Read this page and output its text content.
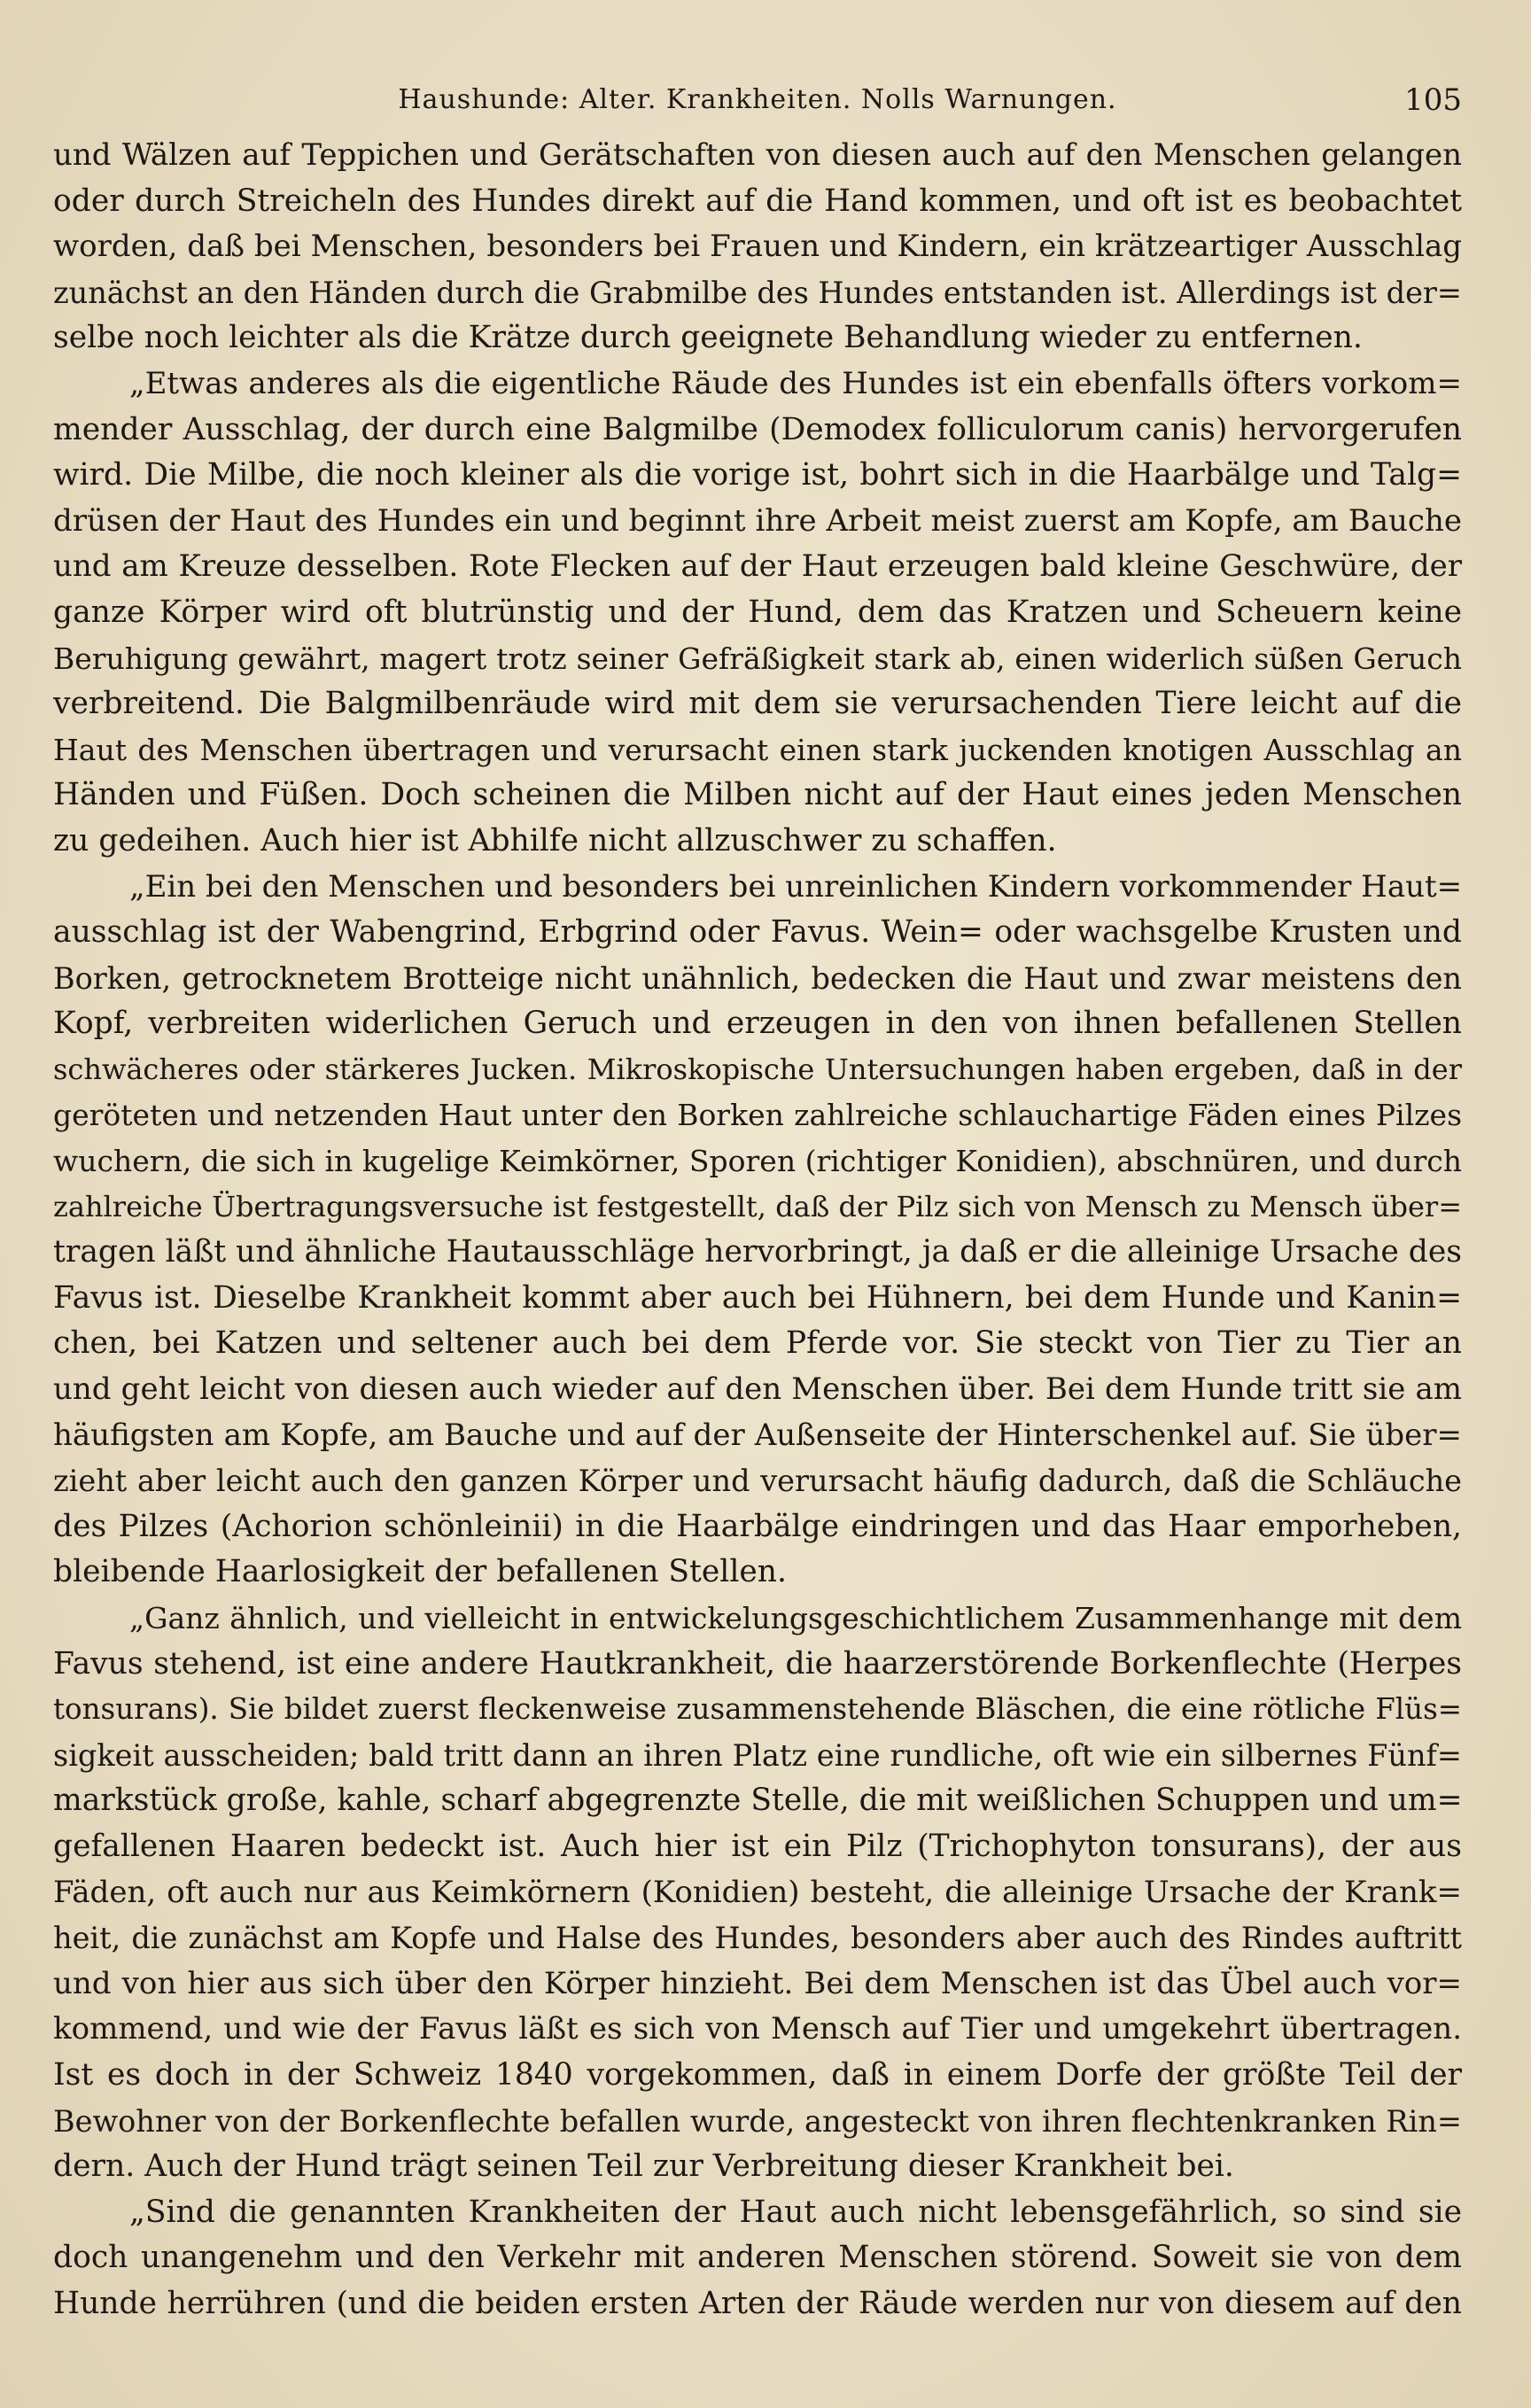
Haushunde: Alter. Krankheiten. Nolls Warnungen.	105
und Wälzen auf Teppichen und Gerätschaften von diesen auch auf den Menschen gelangen
oder durch Streicheln des Hundes direkt auf die Hand kommen, und oft ist es beobachtet
worden, daß bei Menschen, besonders bei Frauen und Kindern, ein krätzeartiger Ausschlag
zunächst an den Händen durch die Grabmilbe des Hundes entstanden ist. Allerdings ist der=
selbe noch leichter als die Krätze durch geeignete Behandlung wieder zu entfernen.
„Etwas anderes als die eigentliche Räude des Hundes ist ein ebenfalls öfters vorkom=
mender Ausschlag, der durch eine Balgmilbe (Demodex folliculorum canis) hervorgerufen
wird. Die Milbe, die noch kleiner als die vorige ist, bohrt sich in die Haarbälge und Talg=
drüsen der Haut des Hundes ein und beginnt ihre Arbeit meist zuerst am Kopfe, am Bauche
und am Kreuze desselben. Rote Flecken auf der Haut erzeugen bald kleine Geschwüre, der
ganze Körper wird oft blutrünstig und der Hund, dem das Kratzen und Scheuern keine
Beruhigung gewährt, magert trotz seiner Gefräßigkeit stark ab, einen widerlich süßen Geruch
verbreitend. Die Balgmilbenräude wird mit dem sie verursachenden Tiere leicht auf die
Haut des Menschen übertragen und verursacht einen stark juckenden knotigen Ausschlag an
Händen und Füßen. Doch scheinen die Milben nicht auf der Haut eines jeden Menschen
zu gedeihen. Auch hier ist Abhilfe nicht allzuschwer zu schaffen.
„Ein bei den Menschen und besonders bei unreinlichen Kindern vorkommender Haut=
ausschlag ist der Wabengrind, Erbgrind oder Favus. Wein= oder wachsgelbe Krusten und
Borken, getrocknetem Brotteige nicht unähnlich, bedecken die Haut und zwar meistens den
Kopf, verbreiten widerlichen Geruch und erzeugen in den von ihnen befallenen Stellen
schwächeres oder stärkeres Jucken. Mikroskopische Untersuchungen haben ergeben, daß in der
geröteten und netzenden Haut unter den Borken zahlreiche schlauchartige Fäden eines Pilzes
wuchern, die sich in kugelige Keimkörner, Sporen (richtiger Konidien), abschnüren, und durch
zahlreiche Übertragungsversuche ist festgestellt, daß der Pilz sich von Mensch zu Mensch über=
tragen läßt und ähnliche Hautausschläge hervorbringt, ja daß er die alleinige Ursache des
Favus ist. Dieselbe Krankheit kommt aber auch bei Hühnern, bei dem Hunde und Kanin=
chen, bei Katzen und seltener auch bei dem Pferde vor. Sie steckt von Tier zu Tier an
und geht leicht von diesen auch wieder auf den Menschen über. Bei dem Hunde tritt sie am
häufigsten am Kopfe, am Bauche und auf der Außenseite der Hinterschenkel auf. Sie über=
zieht aber leicht auch den ganzen Körper und verursacht häufig dadurch, daß die Schläuche
des Pilzes (Achorion schönleinii) in die Haarbälge eindringen und das Haar emporheben,
bleibende Haarlosigkeit der befallenen Stellen.
„Ganz ähnlich, und vielleicht in entwickelungsgeschichtlichem Zusammenhange mit dem
Favus stehend, ist eine andere Hautkrankheit, die haarzerstörende Borkenflechte (Herpes
tonsurans). Sie bildet zuerst fleckenweise zusammenstehende Bläschen, die eine rötliche Flüs=
sigkeit ausscheiden; bald tritt dann an ihren Platz eine rundliche, oft wie ein silbernes Fünf=
markstück große, kahle, scharf abgegrenzte Stelle, die mit weißlichen Schuppen und um=
gefallenen Haaren bedeckt ist. Auch hier ist ein Pilz (Trichophyton tonsurans), der aus
Fäden, oft auch nur aus Keimkörnern (Konidien) besteht, die alleinige Ursache der Krank=
heit, die zunächst am Kopfe und Halse des Hundes, besonders aber auch des Rindes auftritt
und von hier aus sich über den Körper hinzieht. Bei dem Menschen ist das Übel auch vor=
kommend, und wie der Favus läßt es sich von Mensch auf Tier und umgekehrt übertragen.
Ist es doch in der Schweiz 1840 vorgekommen, daß in einem Dorfe der größte Teil der
Bewohner von der Borkenflechte befallen wurde, angesteckt von ihren flechtenkranken Rin=
dern. Auch der Hund trägt seinen Teil zur Verbreitung dieser Krankheit bei.
„Sind die genannten Krankheiten der Haut auch nicht lebensgefährlich, so sind sie
doch unangenehm und den Verkehr mit anderen Menschen störend. Soweit sie von dem
Hunde herrühren (und die beiden ersten Arten der Räude werden nur von diesem auf den
